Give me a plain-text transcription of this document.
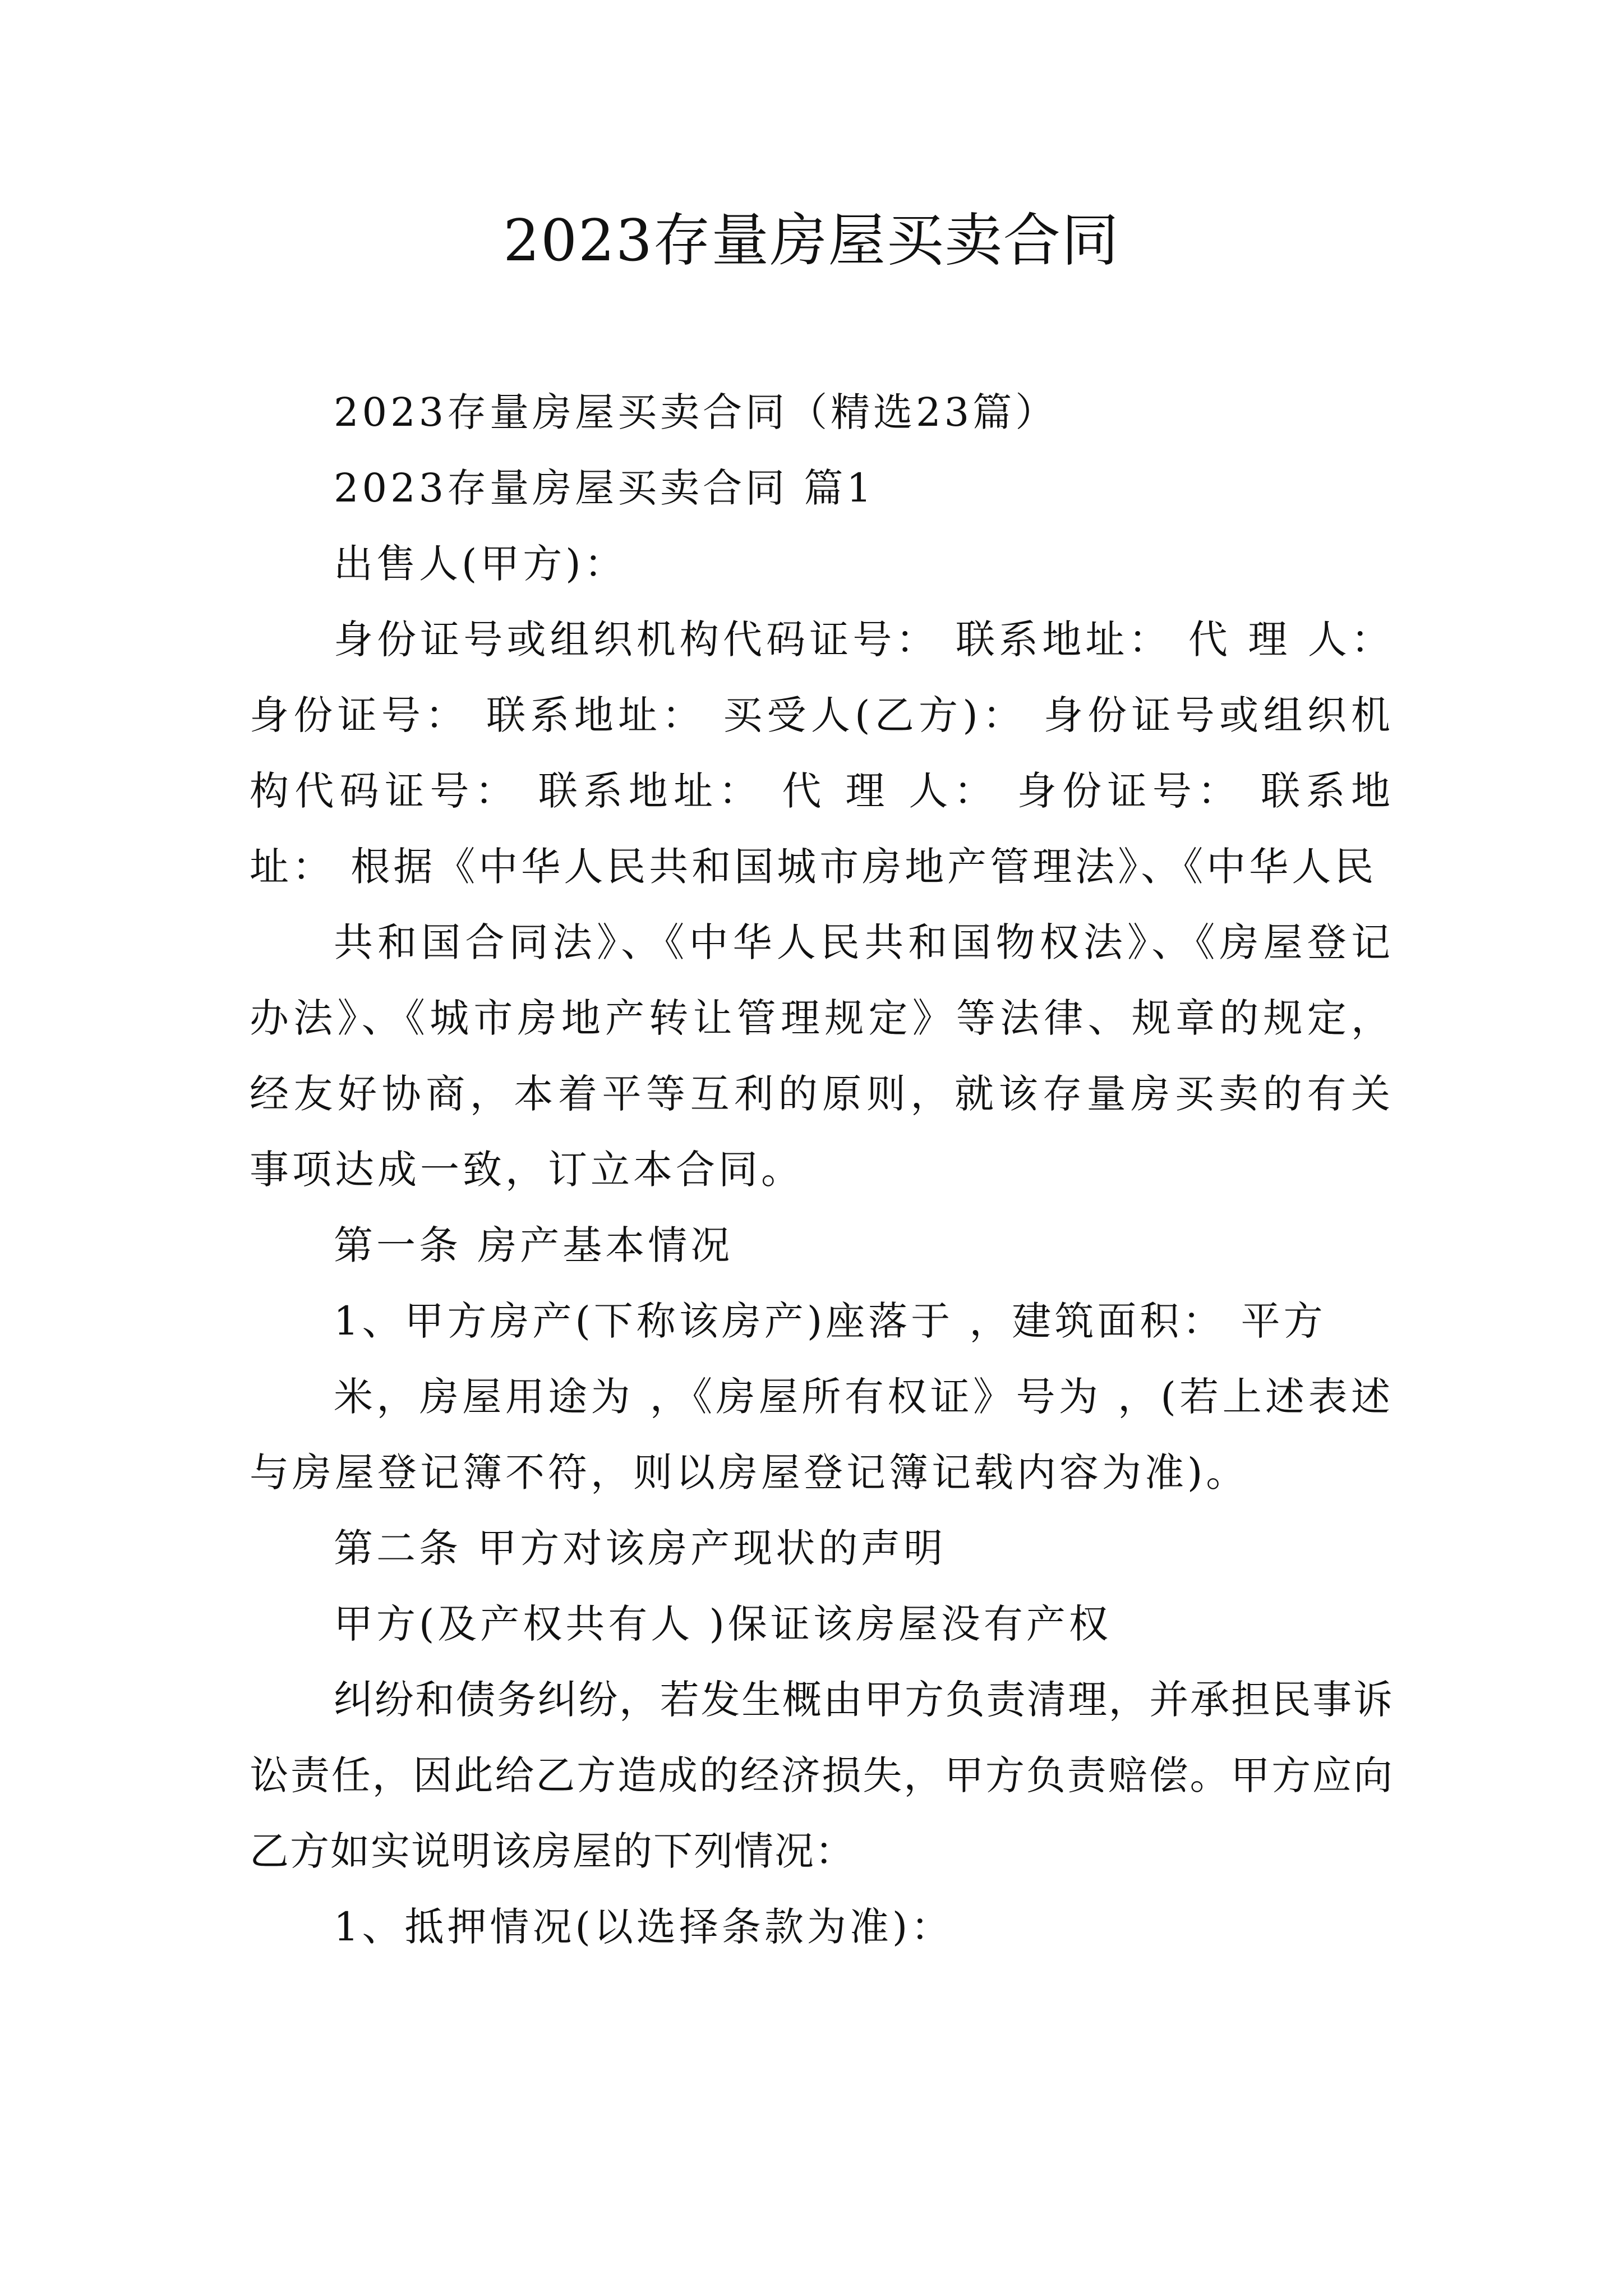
2023存量房屋买卖合同

2023存量房屋买卖合同（精选23篇）

2023存量房屋买卖合同 篇1

出售人(甲方)：

身份证号或组织机构代码证号： 联系地址： 代 理 人： 身份证号： 联系地址： 买受人(乙方)： 身份证号或组织机构代码证号： 联系地址： 代 理 人： 身份证号： 联系地址： 根据《中华人民共和国城市房地产管理法》、《中华人民

共和国合同法》、《中华人民共和国物权法》、《房屋登记办法》、《城市房地产转让管理规定》等法律、规章的规定，经友好协商，本着平等互利的原则，就该存量房买卖的有关事项达成一致，订立本合同。

第一条 房产基本情况

1、甲方房产(下称该房产)座落于 ，建筑面积： 平方

米，房屋用途为 ，《房屋所有权证》号为 ，(若上述表述与房屋登记簿不符，则以房屋登记簿记载内容为准)。

第二条 甲方对该房产现状的声明

甲方(及产权共有人 )保证该房屋没有产权

纠纷和债务纠纷，若发生概由甲方负责清理，并承担民事诉讼责任，因此给乙方造成的经济损失，甲方负责赔偿。甲方应向乙方如实说明该房屋的下列情况：

1、抵押情况(以选择条款为准)：
